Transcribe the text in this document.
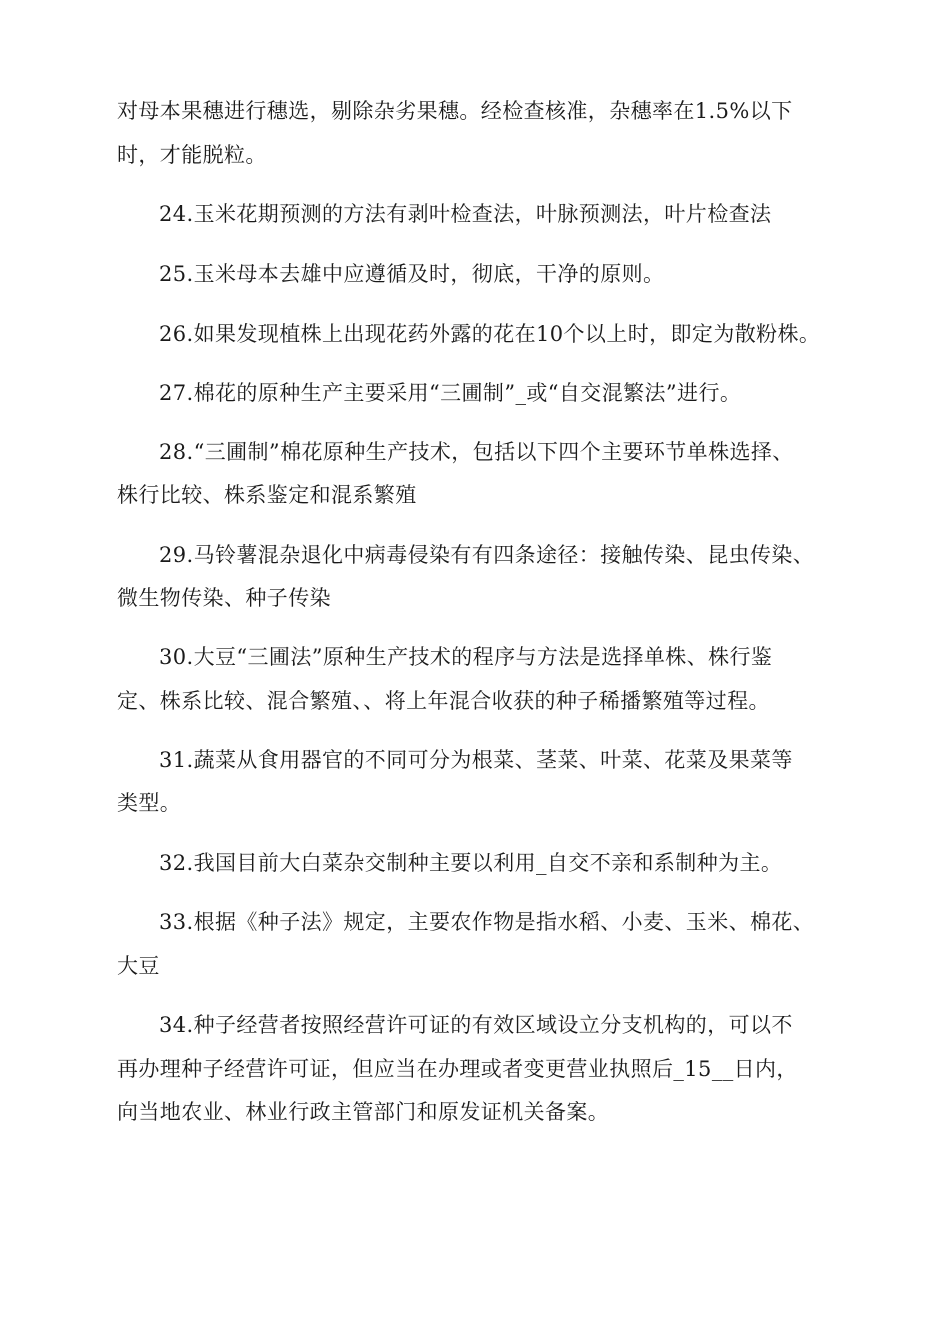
对母本果穗进行穗选，剔除杂劣果穗。经检查核准，杂穗率在1.5%以下

时，才能脱粒。

24.玉米花期预测的方法有剥叶检查法，叶脉预测法，叶片检查法

25.玉米母本去雄中应遵循及时，彻底，干净的原则。

26.如果发现植株上出现花药外露的花在10个以上时，即定为散粉株。

27.棉花的原种生产主要采用“三圃制”_或“自交混繁法”进行。

28.“三圃制”棉花原种生产技术，包括以下四个主要环节单株选择、

株行比较、株系鉴定和混系繁殖

29.马铃薯混杂退化中病毒侵染有有四条途径：接触传染、昆虫传染、

微生物传染、种子传染

30.大豆“三圃法”原种生产技术的程序与方法是选择单株、株行鉴

定、株系比较、混合繁殖、、将上年混合收获的种子稀播繁殖等过程。

31.蔬菜从食用器官的不同可分为根菜、茎菜、叶菜、花菜及果菜等

类型。

32.我国目前大白菜杂交制种主要以利用_自交不亲和系制种为主。

33.根据《种子法》规定，主要农作物是指水稻、小麦、玉米、棉花、

大豆

34.种子经营者按照经营许可证的有效区域设立分支机构的，可以不

再办理种子经营许可证，但应当在办理或者变更营业执照后_15__日内，

向当地农业、林业行政主管部门和原发证机关备案。
